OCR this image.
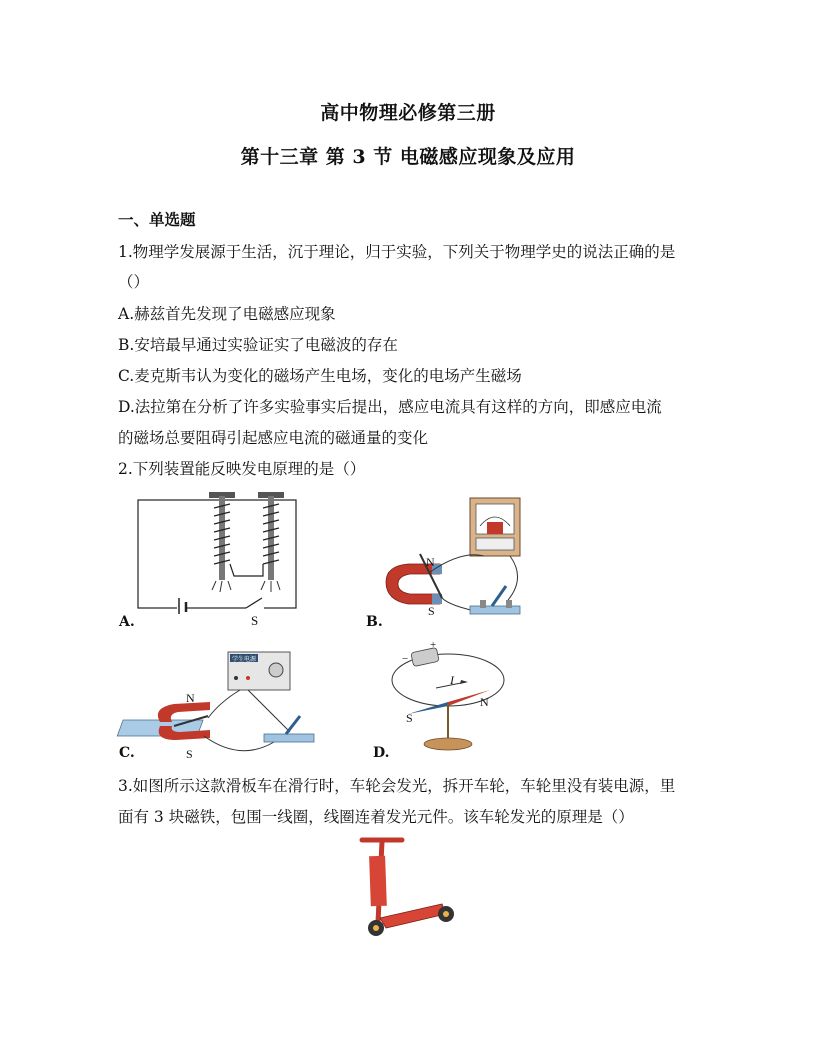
高中物理必修第三册
第十三章 第 3 节 电磁感应现象及应用
一、单选题
1.物理学发展源于生活，沉于理论，归于实验，下列关于物理学史的说法正确的是
（）
A.赫兹首先发现了电磁感应现象
B.安培最早通过实验证实了电磁波的存在
C.麦克斯韦认为变化的磁场产生电场，变化的电场产生磁场
D.法拉第在分析了许多实验事实后提出，感应电流具有这样的方向，即感应电流
的磁场总要阻碍引起感应电流的磁通量的变化
2.下列装置能反映发电原理的是（）
S
A.
N
S
B.
学生电源
N
S
C.
I
N
S
−
+
D.
3.如图所示这款滑板车在滑行时，车轮会发光，拆开车轮，车轮里没有装电源，里
面有 3 块磁铁，包围一线圈，线圈连着发光元件。该车轮发光的原理是（）
